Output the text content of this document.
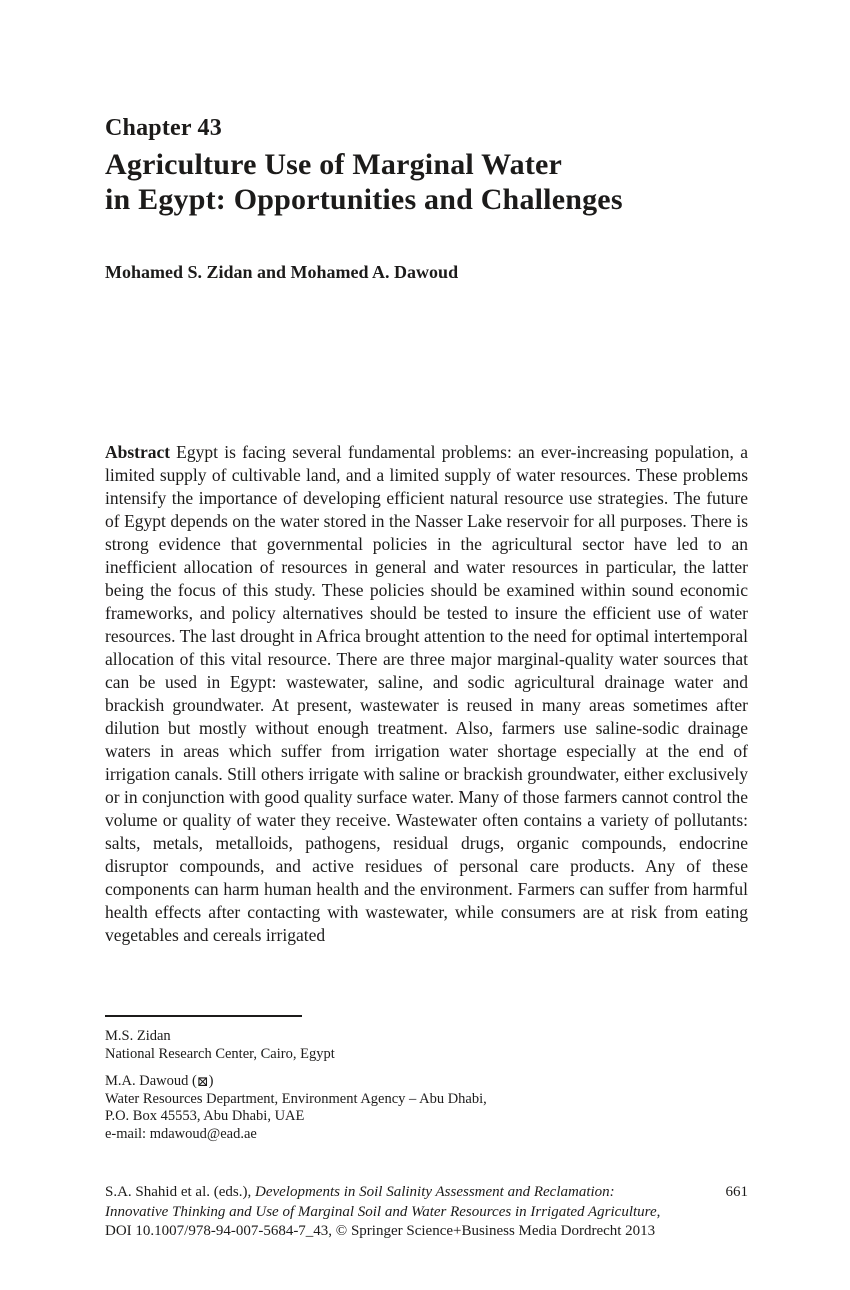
Chapter 43
Agriculture Use of Marginal Water
in Egypt: Opportunities and Challenges
Mohamed S. Zidan and Mohamed A. Dawoud

Abstract Egypt is facing several fundamental problems: an ever-increasing population, a limited supply of cultivable land, and a limited supply of water resources. These problems intensify the importance of developing efficient natural resource use strategies. The future of Egypt depends on the water stored in the Nasser Lake reservoir for all purposes. There is strong evidence that governmental policies in the agricultural sector have led to an inefficient allocation of resources in general and water resources in particular, the latter being the focus of this study. These policies should be examined within sound economic frameworks, and policy alternatives should be tested to insure the efficient use of water resources. The last drought in Africa brought attention to the need for optimal intertemporal allocation of this vital resource. There are three major marginal-quality water sources that can be used in Egypt: wastewater, saline, and sodic agricultural drainage water and brackish groundwater. At present, wastewater is reused in many areas sometimes after dilution but mostly without enough treatment. Also, farmers use saline-sodic drainage waters in areas which suffer from irrigation water shortage especially at the end of irrigation canals. Still others irrigate with saline or brackish groundwater, either exclusively or in conjunction with good quality surface water. Many of those farmers cannot control the volume or quality of water they receive. Wastewater often contains a variety of pollutants: salts, metals, metalloids, pathogens, residual drugs, organic compounds, endocrine disruptor compounds, and active residues of personal care products. Any of these components can harm human health and the environment. Farmers can suffer from harmful health effects after contacting with wastewater, while consumers are at risk from eating vegetables and cereals irrigated

M.S. Zidan
National Research Center, Cairo, Egypt
M.A. Dawoud (⊠)
Water Resources Department, Environment Agency – Abu Dhabi,
P.O. Box 45553, Abu Dhabi, UAE
e-mail: mdawoud@ead.ae
S.A. Shahid et al. (eds.), Developments in Soil Salinity Assessment and Reclamation:
Innovative Thinking and Use of Marginal Soil and Water Resources in Irrigated Agriculture,
DOI 10.1007/978-94-007-5684-7_43, © Springer Science+Business Media Dordrecht 2013
661
